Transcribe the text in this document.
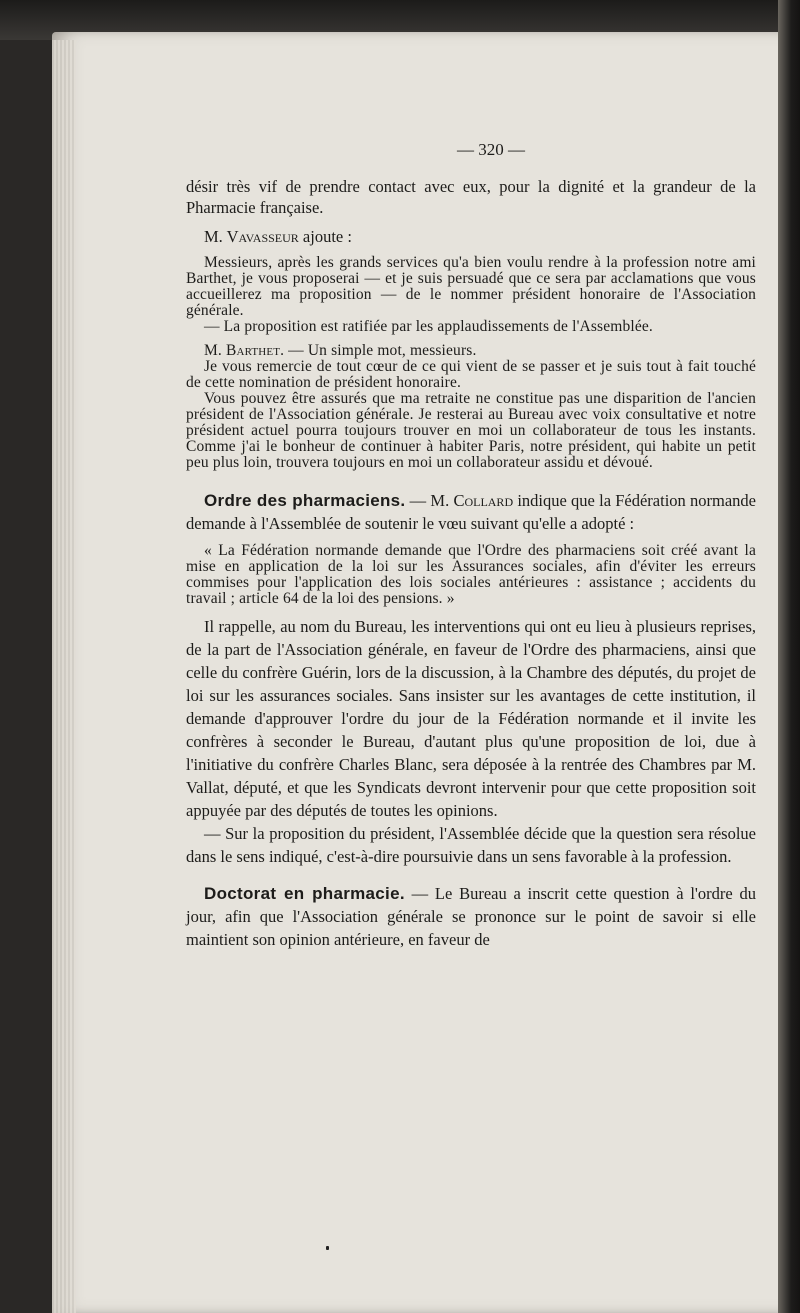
— 320 —

désir très vif de prendre contact avec eux, pour la dignité et la grandeur de la Pharmacie française.

M. Vavasseur ajoute :

Messieurs, après les grands services qu'a bien voulu rendre à la profession notre ami Barthet, je vous proposerai — et je suis persuadé que ce sera par acclamations que vous accueillerez ma proposition — de le nommer président honoraire de l'Association générale.

— La proposition est ratifiée par les applaudissements de l'Assemblée.

M. Barthet. — Un simple mot, messieurs.

Je vous remercie de tout cœur de ce qui vient de se passer et je suis tout à fait touché de cette nomination de président honoraire.

Vous pouvez être assurés que ma retraite ne constitue pas une disparition de l'ancien président de l'Association générale. Je resterai au Bureau avec voix consultative et notre président actuel pourra toujours trouver en moi un collaborateur de tous les instants. Comme j'ai le bonheur de continuer à habiter Paris, notre président, qui habite un petit peu plus loin, trouvera toujours en moi un collaborateur assidu et dévoué.

Ordre des pharmaciens. — M. Collard indique que la Fédération normande demande à l'Assemblée de soutenir le vœu suivant qu'elle a adopté :

« La Fédération normande demande que l'Ordre des pharmaciens soit créé avant la mise en application de la loi sur les Assurances sociales, afin d'éviter les erreurs commises pour l'application des lois sociales antérieures : assistance ; accidents du travail ; article 64 de la loi des pensions. »

Il rappelle, au nom du Bureau, les interventions qui ont eu lieu à plusieurs reprises, de la part de l'Association générale, en faveur de l'Ordre des pharmaciens, ainsi que celle du confrère Guérin, lors de la discussion, à la Chambre des députés, du projet de loi sur les assurances sociales. Sans insister sur les avantages de cette institution, il demande d'approuver l'ordre du jour de la Fédération normande et il invite les confrères à seconder le Bureau, d'autant plus qu'une proposition de loi, due à l'initiative du confrère Charles Blanc, sera déposée à la rentrée des Chambres par M. Vallat, député, et que les Syndicats devront intervenir pour que cette proposition soit appuyée par des députés de toutes les opinions.

— Sur la proposition du président, l'Assemblée décide que la question sera résolue dans le sens indiqué, c'est-à-dire poursuivie dans un sens favorable à la profession.

Doctorat en pharmacie. — Le Bureau a inscrit cette question à l'ordre du jour, afin que l'Association générale se prononce sur le point de savoir si elle maintient son opinion antérieure, en faveur de
